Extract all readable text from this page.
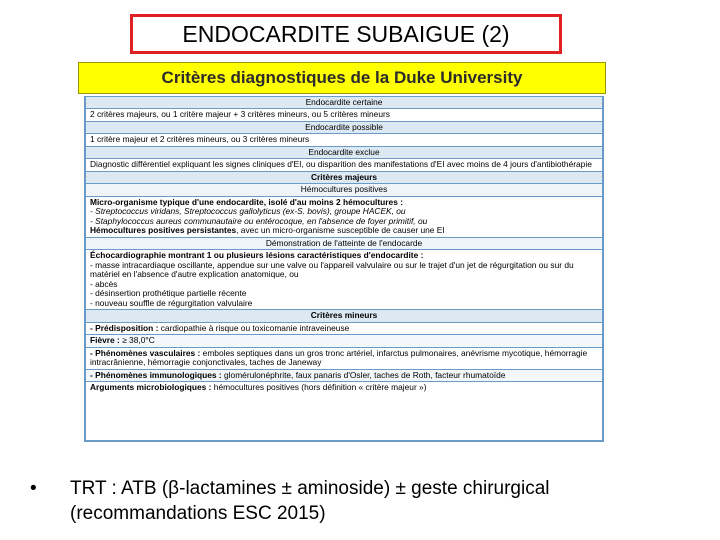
ENDOCARDITE SUBAIGUE (2)
Critères diagnostiques de la Duke University
Endocardite certaine
2 critères majeurs, ou 1 critère majeur + 3 critères mineurs, ou 5 critères mineurs
Endocardite possible
1 critère majeur et 2 critères mineurs, ou 3 critères mineurs
Endocardite exclue
Diagnostic différentiel expliquant les signes cliniques d'EI, ou disparition des manifestations d'EI avec moins de 4 jours d'antibiothérapie
Critères majeurs
Hémocultures positives
Micro-organisme typique d'une endocardite, isolé d'au moins 2 hémocultures :
- Streptococcus viridans, Streptococcus gallolyticus (ex-S. bovis), groupe HACEK, ou
- Staphylococcus aureus communautaire ou entérocoque, en l'absence de foyer primitif, ou
Hémocultures positives persistantes, avec un micro-organisme susceptible de causer une EI
Démonstration de l'atteinte de l'endocarde
Échocardiographie montrant 1 ou plusieurs lésions caractéristiques d'endocardite :
- masse intracardiaque oscillante, appendue sur une valve ou l'appareil valvulaire ou sur le trajet d'un jet de régurgitation ou sur du matériel en l'absence d'autre explication anatomique, ou
- abcès
- désinsertion prothétique partielle récente
- nouveau souffle de régurgitation valvulaire
Critères mineurs
- Prédisposition : cardiopathie à risque ou toxicomanie intraveineuse
Fièvre : ≥ 38,0°C
- Phénomènes vasculaires : emboles septiques dans un gros tronc artériel, infarctus pulmonaires, anévrisme mycotique, hémorragie intracrânienne, hémorragie conjonctivales, taches de Janeway
- Phénomènes immunologiques : glomérulonéphrite, faux panaris d'Osler, taches de Roth, facteur rhumatoïde
Arguments microbiologiques : hémocultures positives (hors définition « critère majeur »)
•	TRT : ATB (β-lactamines ± aminoside) ± geste chirurgical (recommandations ESC 2015)
